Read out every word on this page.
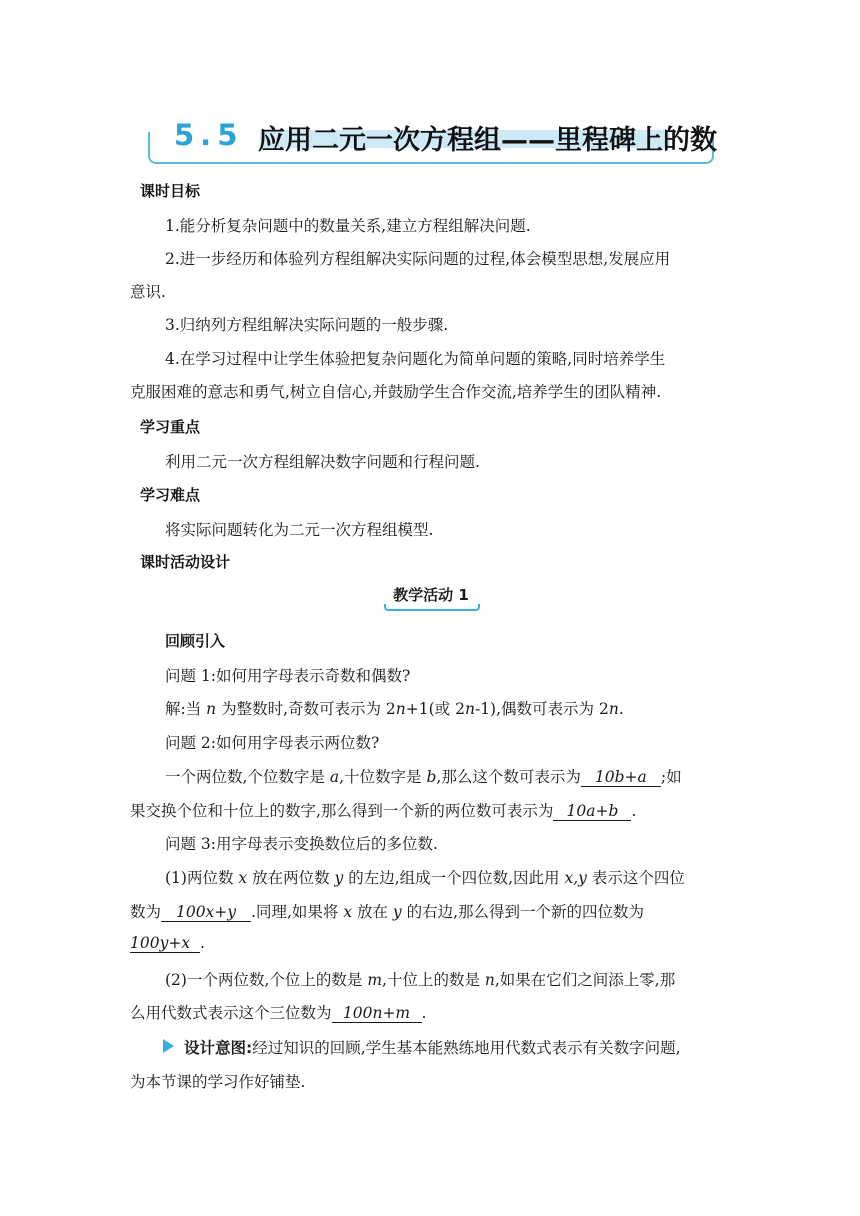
5.5 应用二元一次方程组——里程碑上的数
课时目标
1.能分析复杂问题中的数量关系,建立方程组解决问题.
2.进一步经历和体验列方程组解决实际问题的过程,体会模型思想,发展应用
意识.
3.归纳列方程组解决实际问题的一般步骤.
4.在学习过程中让学生体验把复杂问题化为简单问题的策略,同时培养学生
克服困难的意志和勇气,树立自信心,并鼓励学生合作交流,培养学生的团队精神.
学习重点
利用二元一次方程组解决数字问题和行程问题.
学习难点
将实际问题转化为二元一次方程组模型.
课时活动设计
教学活动 1
回顾引入
问题 1:如何用字母表示奇数和偶数?
解:当 n 为整数时,奇数可表示为 2n+1(或 2n-1),偶数可表示为 2n.
问题 2:如何用字母表示两位数?
一个两位数,个位数字是 a,十位数字是 b,那么这个数可表示为 10b+a ;如
果交换个位和十位上的数字,那么得到一个新的两位数可表示为 10a+b .
问题 3:用字母表示变换数位后的多位数.
(1)两位数 x 放在两位数 y 的左边,组成一个四位数,因此用 x,y 表示这个四位
数为 100x+y .同理,如果将 x 放在 y 的右边,那么得到一个新的四位数为
100y+x .
(2)一个两位数,个位上的数是 m,十位上的数是 n,如果在它们之间添上零,那
么用代数式表示这个三位数为 100n+m .
设计意图:经过知识的回顾,学生基本能熟练地用代数式表示有关数字问题,
为本节课的学习作好铺垫.
